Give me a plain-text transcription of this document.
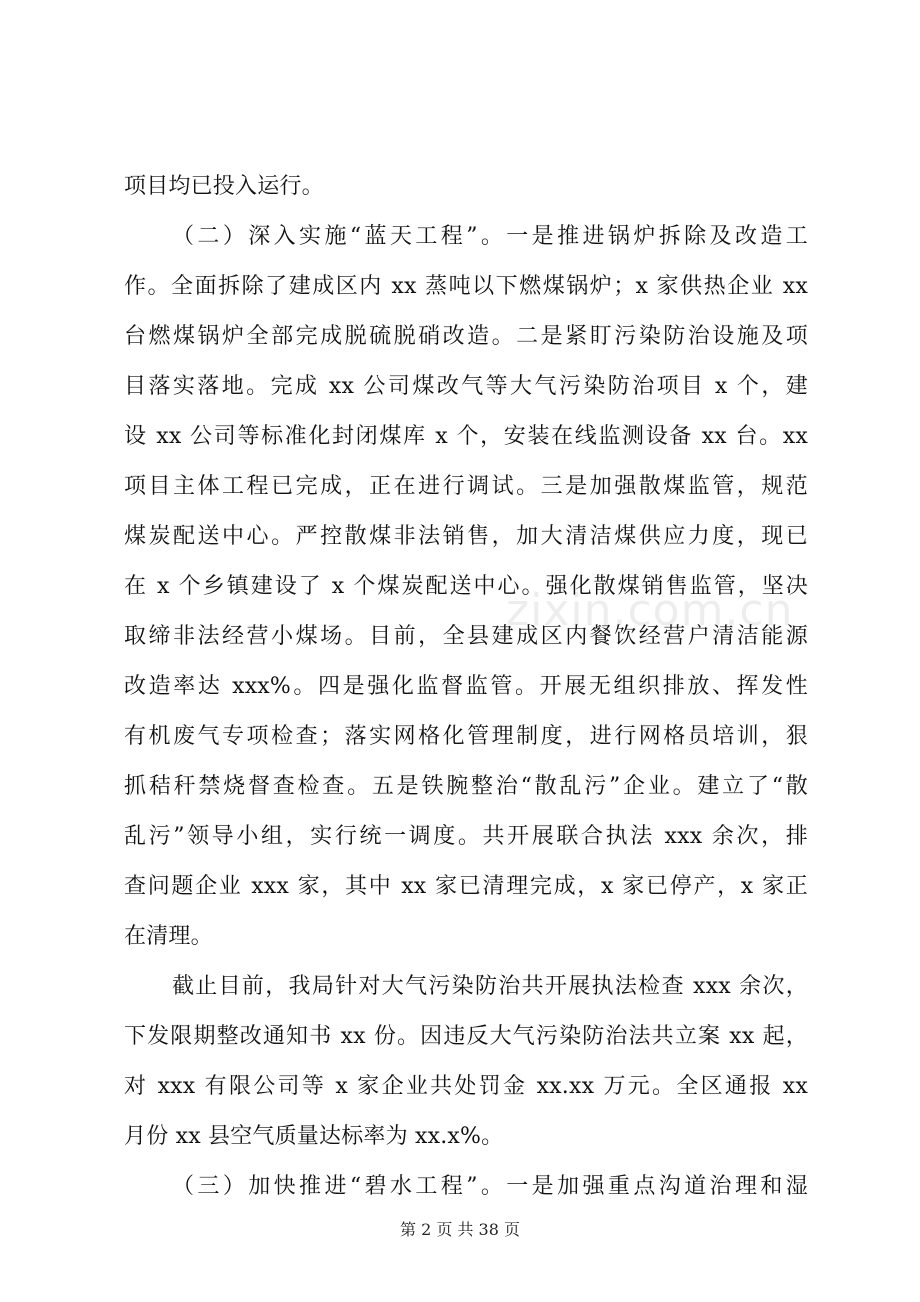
项目均已投入运行。
（二）深入实施“蓝天工程”。一是推进锅炉拆除及改造工
作。全面拆除了建成区内 xx 蒸吨以下燃煤锅炉；x 家供热企业 xx
台燃煤锅炉全部完成脱硫脱硝改造。二是紧盯污染防治设施及项
目落实落地。完成 xx 公司煤改气等大气污染防治项目 x 个，建
设 xx 公司等标准化封闭煤库 x 个，安装在线监测设备 xx 台。xx
项目主体工程已完成，正在进行调试。三是加强散煤监管，规范
煤炭配送中心。严控散煤非法销售，加大清洁煤供应力度，现已
在 x 个乡镇建设了 x 个煤炭配送中心。强化散煤销售监管，坚决
取缔非法经营小煤场。目前，全县建成区内餐饮经营户清洁能源
改造率达 xxx%。四是强化监督监管。开展无组织排放、挥发性
有机废气专项检查；落实网格化管理制度，进行网格员培训，狠
抓秸秆禁烧督查检查。五是铁腕整治“散乱污”企业。建立了“散
乱污”领导小组，实行统一调度。共开展联合执法 xxx 余次，排
查问题企业 xxx 家，其中 xx 家已清理完成，x 家已停产，x 家正
在清理。
截止目前，我局针对大气污染防治共开展执法检查 xxx 余次，
下发限期整改通知书 xx 份。因违反大气污染防治法共立案 xx 起，
对 xxx 有限公司等 x 家企业共处罚金 xx.xx 万元。全区通报 xx
月份 xx 县空气质量达标率为 xx.x%。
（三）加快推进“碧水工程”。一是加强重点沟道治理和湿
zixin.com.cn
第 2 页 共 38 页
